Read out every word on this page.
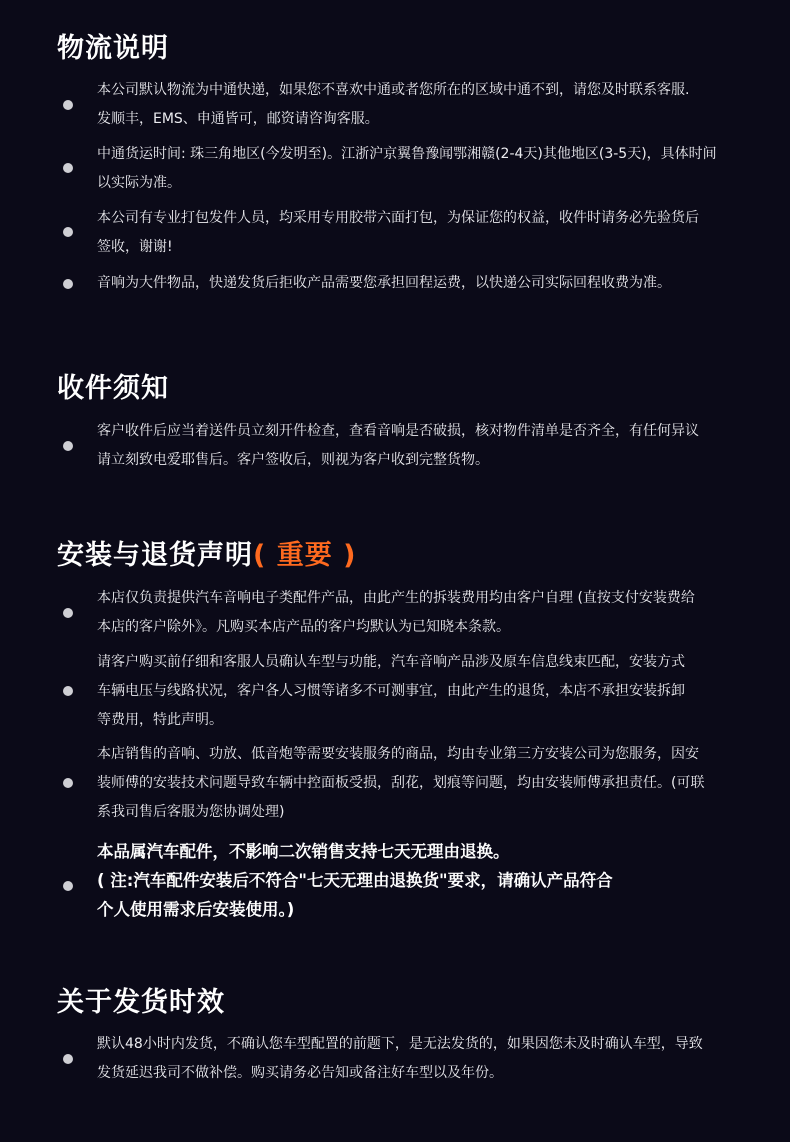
物流说明
本公司默认物流为中通快递，如果您不喜欢中通或者您所在的区域中通不到，请您及时联系客服.
发顺丰，EMS、申通皆可，邮资请咨询客服。
中通货运时间: 珠三角地区(今发明至)。江浙沪京翼鲁豫闻鄂湘赣(2-4天)其他地区(3-5天)，具体时间
以实际为准。
本公司有专业打包发件人员，均采用专用胶带六面打包，为保证您的权益，收件时请务必先验货后
签收，谢谢!
音响为大件物品，快递发货后拒收产品需要您承担回程运费，以快递公司实际回程收费为准。
收件须知
客户收件后应当着送件员立刻开件检查，查看音响是否破损，核对物件清单是否齐全，有任何异议
请立刻致电爱耶售后。客户签收后，则视为客户收到完整货物。
安装与退货声明( 重要 )
本店仅负责提供汽车音响电子类配件产品，由此产生的拆装费用均由客户自理 (直按支付安装费给
本店的客户除外》。凡购买本店产品的客户均默认为已知晓本条款。
请客户购买前仔细和客服人员确认车型与功能，汽车音响产品涉及原车信息线束匹配，安装方式
车辆电压与线路状况，客户各人习惯等诸多不可测事宜，由此产生的退货，本店不承担安装拆卸
等费用，特此声明。
本店销售的音响、功放、低音炮等需要安装服务的商品，均由专业第三方安装公司为您服务，因安
装师傅的安装技术问题导致车辆中控面板受损，刮花，划痕等问题，均由安装师傅承担责任。(可联
系我司售后客服为您协调处理)
本品属汽车配件，不影响二次销售支持七天无理由退换。
( 注:汽车配件安装后不符合"七天无理由退换货"要求，请确认产品符合
个人使用需求后安装使用。)
关于发货时效
默认48小时内发货，不确认您车型配置的前题下，是无法发货的，如果因您未及时确认车型，导致
发货延迟我司不做补偿。购买请务必告知或备注好车型以及年份。
